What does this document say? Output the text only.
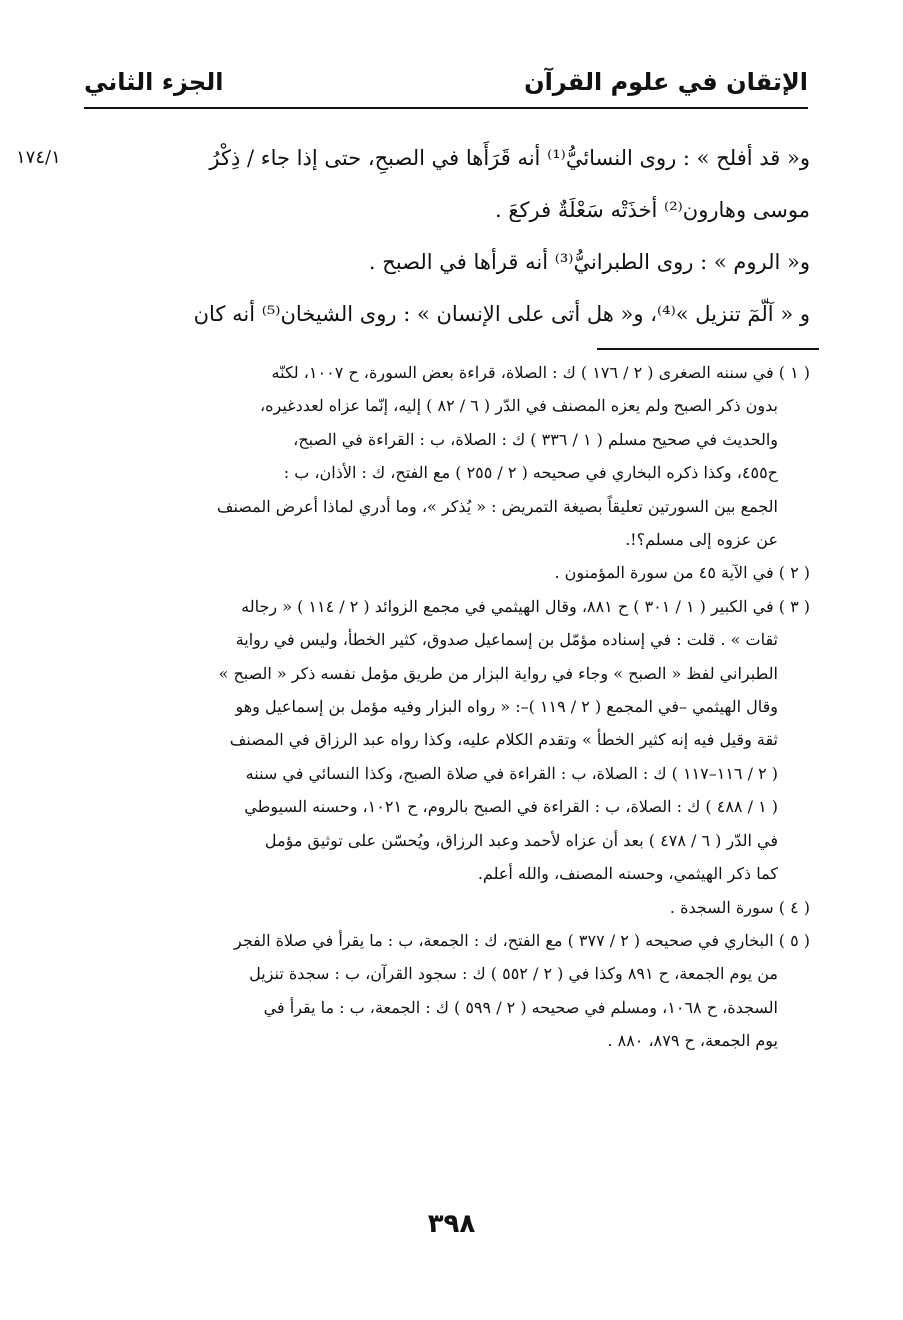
الإتقان في علوم القرآن
الجزء الثاني
١٧٤/١	و« قد أفلح » : روى النسائيُّ⁽¹⁾ أنه قَرَأَها في الصبحِ، حتى إذا جاء / ذِكْرُ

موسى وهارون⁽²⁾ أخذَتْه سَعْلَةٌ فركعَ .

و« الروم » : روى الطبرانيُّ⁽³⁾ أنه قرأها في الصبح .

و « آلّمٓ تنزيل »⁽⁴⁾، و« هل أتى على الإنسان » : روى الشيخان⁽⁵⁾ أنه كان

( ١ ) في سننه الصغرى ( ٢ / ١٧٦ ) ك : الصلاة، قراءة بعض السورة، ح ١٠٠٧، لكنّه
بدون ذكر الصبح ولم يعزه المصنف في الدّر ( ٦ / ٨٢ ) إليه، إنّما عزاه لعددغيره،
والحديث في صحيح مسلم ( ١ / ٣٣٦ ) ك : الصلاة، ب : القراءة في الصبح،
ح٤٥٥، وكذا ذكره البخاري في صحيحه ( ٢ / ٢٥٥ ) مع الفتح، ك : الأذان، ب :
الجمع بين السورتين تعليقاً بصيغة التمريض : « يُذكر »، وما أدري لماذا أعرض المصنف
عن عزوه إلى مسلم؟!.
( ٢ ) في الآية ٤٥ من سورة المؤمنون .
( ٣ ) في الكبير ( ١ / ٣٠١ ) ح ٨٨١، وقال الهيثمي في مجمع الزوائد ( ٢ / ١١٤ ) « رجاله
ثقات » . قلت : في إسناده مؤمّل بن إسماعيل صدوق، كثير الخطأ، وليس في رواية
الطبراني لفظ « الصبح » وجاء في رواية البزار من طريق مؤمل نفسه ذكر « الصبح »
وقال الهيثمي –في المجمع ( ٢ / ١١٩ )–: « رواه البزار وفيه مؤمل بن إسماعيل وهو
ثقة وقيل فيه إنه كثير الخطأ » وتقدم الكلام عليه، وكذا رواه عبد الرزاق في المصنف
( ٢ / ١١٦–١١٧ ) ك : الصلاة، ب : القراءة في صلاة الصبح، وكذا النسائي في سننه
( ١ / ٤٨٨ ) ك : الصلاة، ب : القراءة في الصبح بالروم، ح ١٠٢١، وحسنه السيوطي
في الدّر ( ٦ / ٤٧٨ ) بعد أن عزاه لأحمد وعبد الرزاق، ويُحسّن على توثيق مؤمل
كما ذكر الهيثمي، وحسنه المصنف، والله أعلم.
( ٤ ) سورة السجدة .
( ٥ ) البخاري في صحيحه ( ٢ / ٣٧٧ ) مع الفتح، ك : الجمعة، ب : ما يقرأ في صلاة الفجر
من يوم الجمعة، ح ٨٩١ وكذا في ( ٢ / ٥٥٢ ) ك : سجود القرآن، ب : سجدة تنزيل
السجدة، ح ١٠٦٨، ومسلم في صحيحه ( ٢ / ٥٩٩ ) ك : الجمعة، ب : ما يقرأ في
يوم الجمعة، ح ٨٧٩، ٨٨٠ .
٣٩٨
